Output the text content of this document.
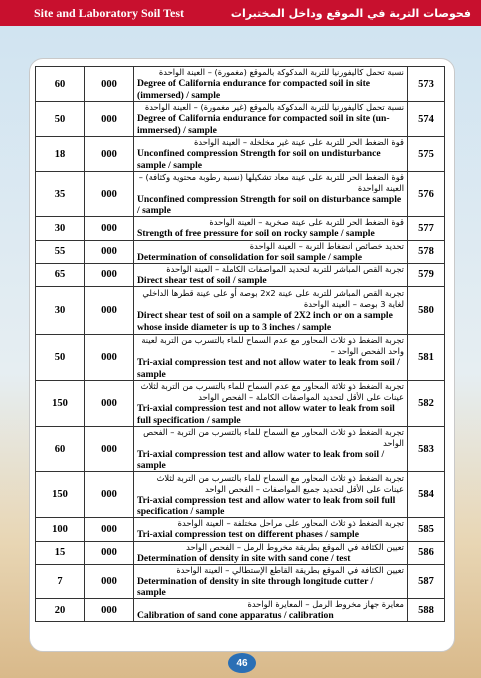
Site and Laboratory Soil Test	فحوصات التربة في الموقع وداخل المختبرات
60	000	نسبة تحمل كاليفورنيا للتربة المدكوكة بالموقع (مغمورة) – العينة الواحدة
Degree of California endurance for compacted soil in site (immersed) / sample	573
50	000	نسبة تحمل كاليفورنيا للتربة المدكوكة بالموقع (غير مغمورة) – العينة الواحدة
Degree of California endurance for compacted soil in site (un-immersed) / sample	574
18	000	قوة الضغط الحر للتربة على عينة غير مخلخلة – العينة الواحدة
Unconfined compression Strength for soil on undisturbance sample / sample	575
35	000	قوة الضغط الحر للتربة على عينة معاد تشكيلها (نسبة رطوبة محتوية وكثافة) – العينة الواحدة
Unconfined compression Strength for soil on disturbance sample / sample	576
30	000	قوة الضغط الحر للتربة على عينة صخرية – العينة الواحدة
Strength of free pressure for soil on rocky sample / sample	577
55	000	تحديد خصائص انضغاط التربة – العينة الواحدة
Determination of consolidation for soil sample / sample	578
65	000	تجربة القص المباشر للتربة لتحديد المواصفات الكاملة – العينة الواحدة
Direct shear test of soil / sample	579
30	000	تجربة القص المباشر للتربة على عينة 2x2 بوصة أو على عينة قطرها الداخلي لغاية 3 بوصة – العينة الواحدة
Direct shear test of soil on a sample of 2X2 inch or on a sample whose inside diameter is up to 3 inches / sample	580
50	000	تجربة الضغط ذو ثلاث المحاور مع عدم السماح للماء بالتسرب من التربة لعينة واحد الفحص الواحد –
Tri-axial compression test and not allow water to leak from soil / sample	581
150	000	تجربة الضغط ذو ثلاثة المحاور مع عدم السماح للماء بالتسرب من التربة لثلاث عينات على الأقل لتحديد المواصفات الكاملة – الفحص الواحد
Tri-axial compression test and not allow water to leak from soil full specification / sample	582
60	000	تجربة الضغط ذو ثلاث المحاور مع السماح للماء بالتسرب من التربة – الفحص الواحد
Tri-axial compression test and allow water to leak from soil / sample	583
150	000	تجربة الضغط ذو ثلاث المحاور مع السماح للماء بالتسرب من التربة لثلاث عينات على الأقل لتحديد جميع المواصفات – الفحص الواحد
Tri-axial compression test and allow water to leak from soil full specification / sample	584
100	000	تجربة الضغط ذو ثلاث المحاور على مراحل مختلفة – العينة الواحدة
Tri-axial compression test on different phases / sample	585
15	000	تعيين الكثافة في الموقع بطريقة مخروط الرمل – الفحص الواحد
Determination of density in site with sand cone / test	586
7	000	تعيين الكثافة في الموقع بطريقة القاطع الإستطالي – العينة الواحدة
Determination of density in site through longitude cutter / sample	587
20	000	معايرة جهاز مخروط الرمل – المعايرة الواحدة
Calibration of sand cone apparatus / calibration	588
46
